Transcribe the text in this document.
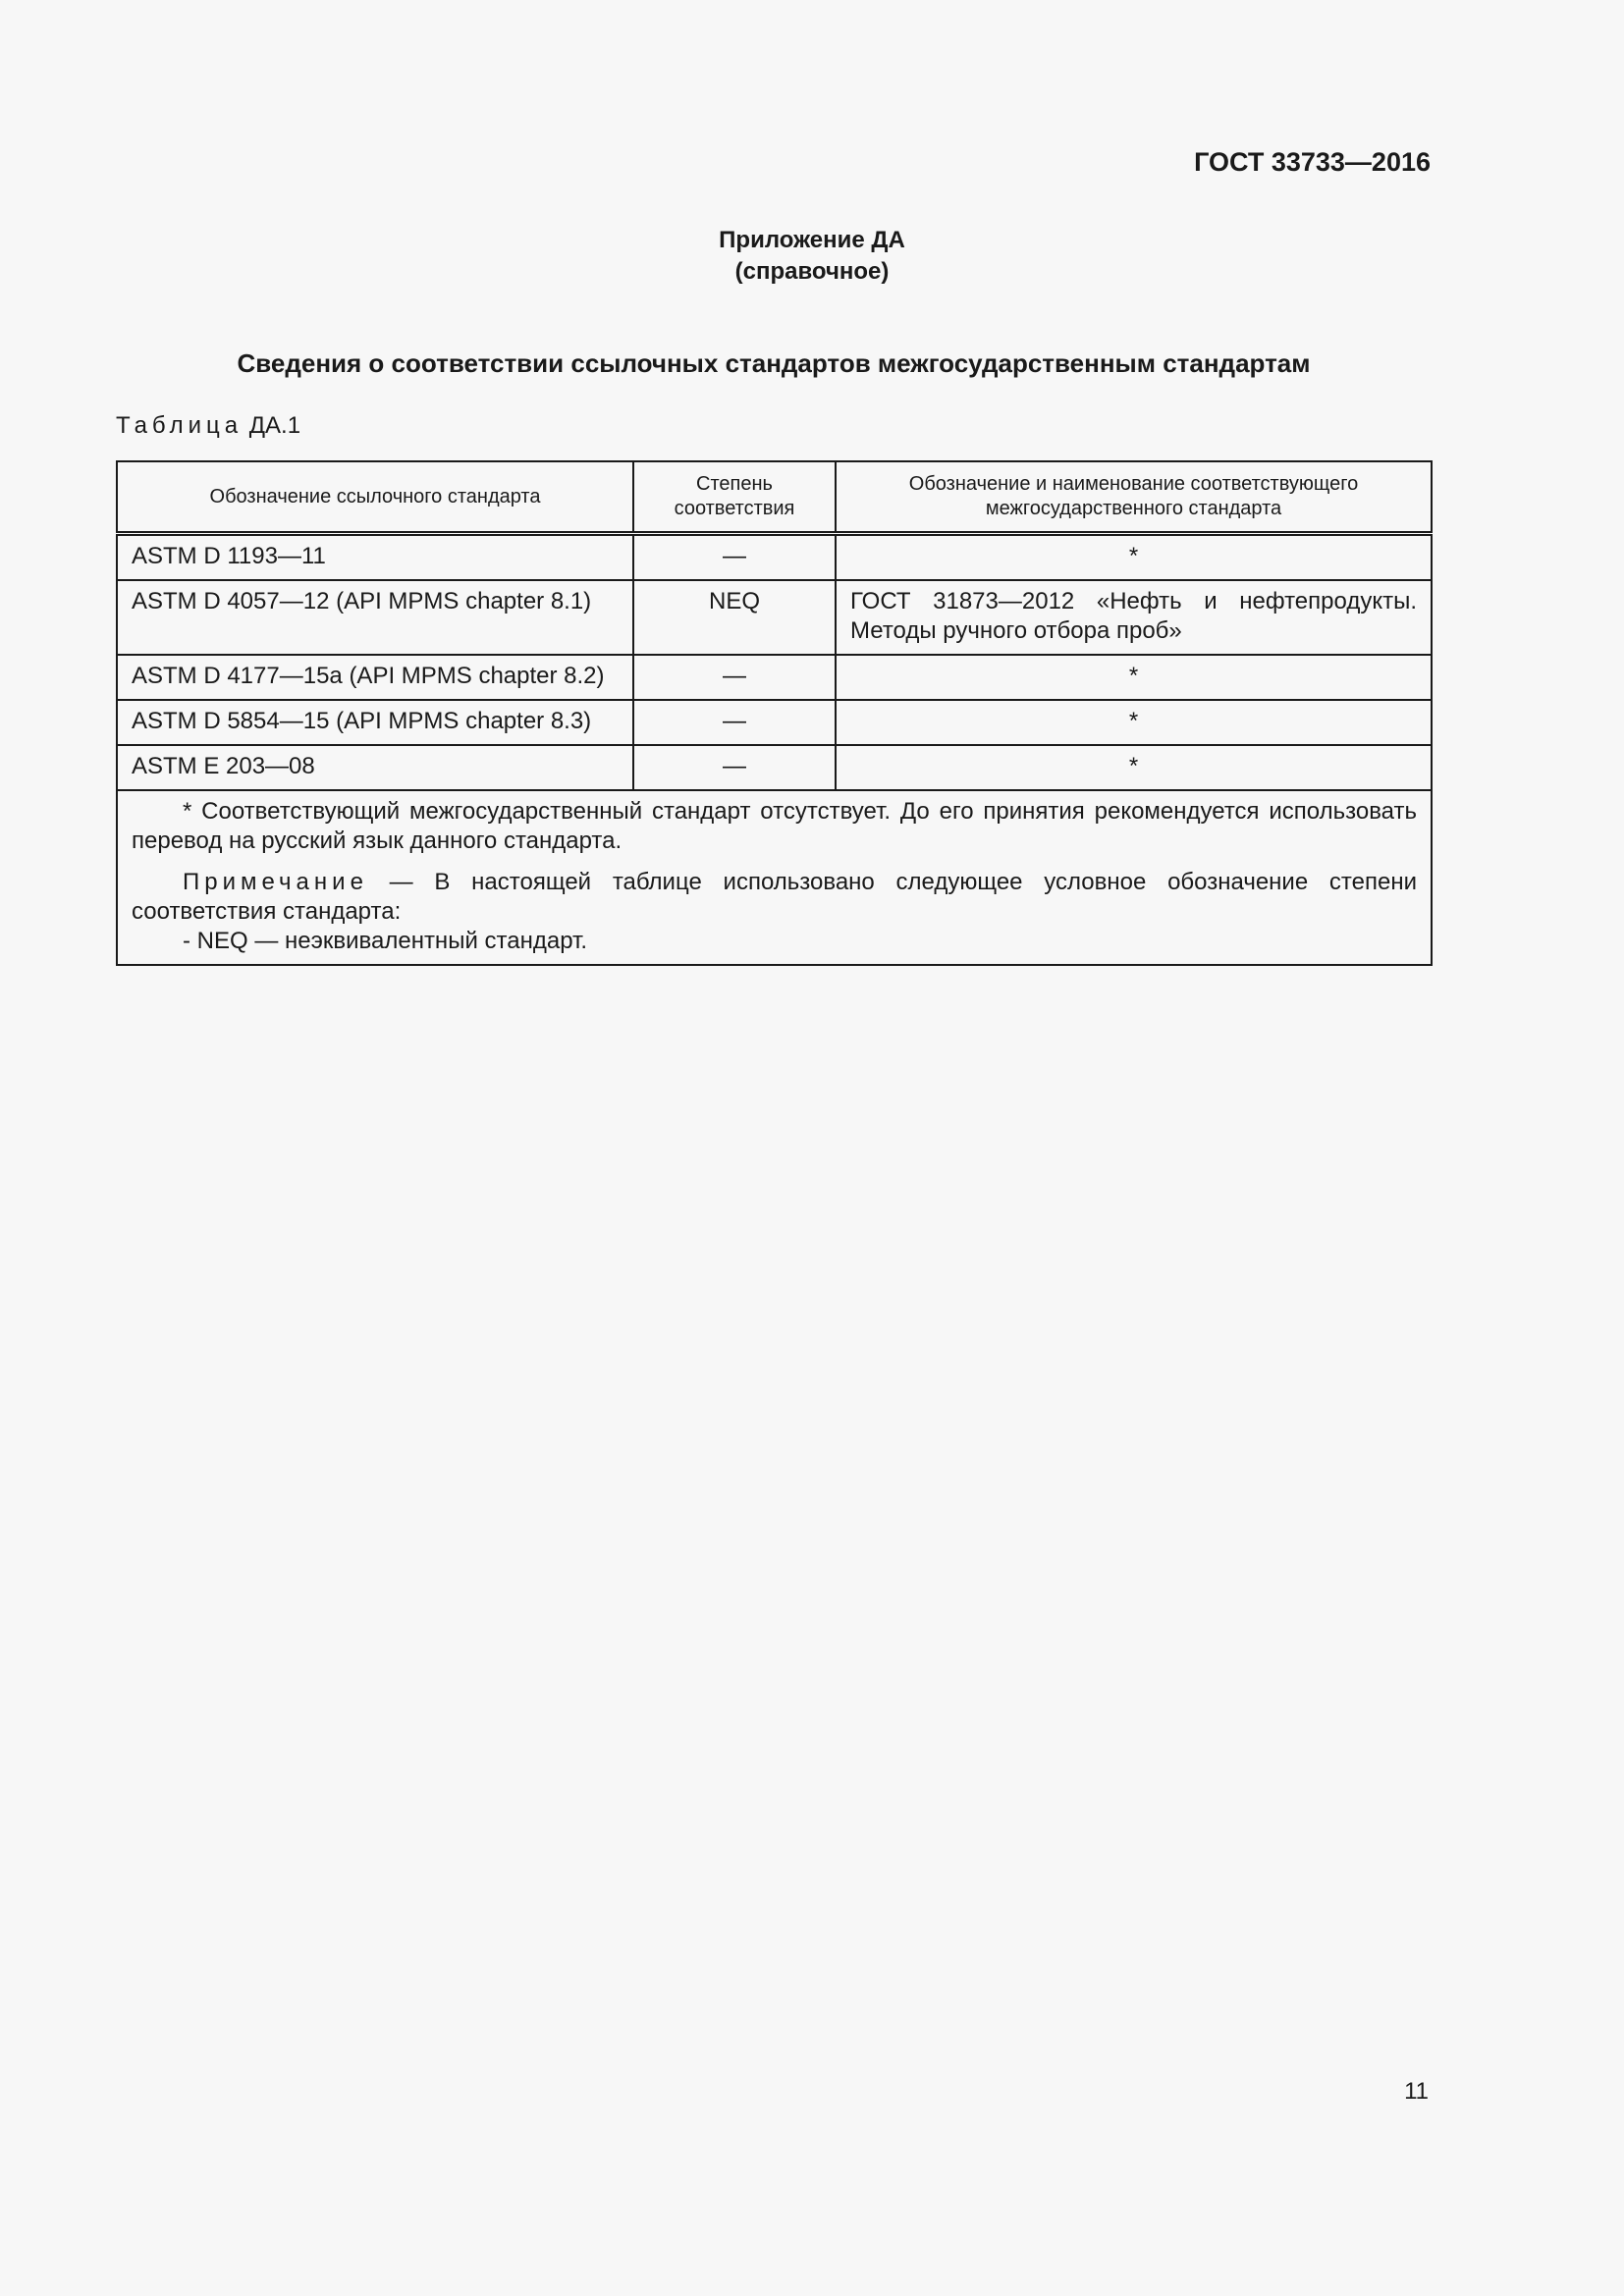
ГОСТ 33733—2016
Приложение ДА
(справочное)
Сведения о соответствии ссылочных стандартов межгосударственным стандартам
Таблица ДА.1
Обозначение ссылочного стандарта	Степень соответствия	Обозначение и наименование соответствующего межгосударственного стандарта
ASTM D 1193—11	—	*
ASTM D 4057—12 (API MPMS chapter 8.1)	NEQ	ГОСТ 31873—2012 «Нефть и нефтепродукты. Методы ручного отбора проб»
ASTM D 4177—15a (API MPMS chapter 8.2)	—	*
ASTM D 5854—15 (API MPMS chapter 8.3)	—	*
ASTM E 203—08	—	*

* Соответствующий межгосударственный стандарт отсутствует. До его принятия рекомендуется использовать перевод на русский язык данного стандарта.

Примечание — В настоящей таблице использовано следующее условное обозначение степени соответствия стандарта:

- NEQ — неэквивалентный стандарт.		

11
